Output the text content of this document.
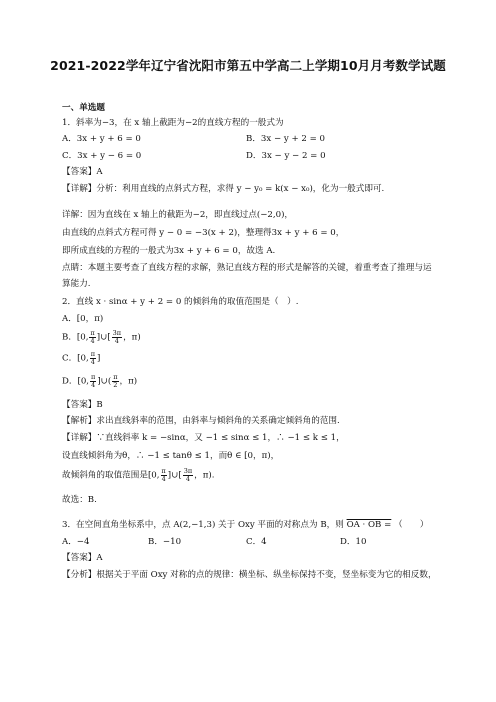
2021-2022学年辽宁省沈阳市第五中学高二上学期10月月考数学试题
一、单选题
1．斜率为−3，在 x 轴上截距为−2的直线方程的一般式为
A．3x + y + 6 = 0	B．3x − y + 2 = 0
C．3x + y − 6 = 0	D．3x − y − 2 = 0
【答案】A
【详解】分析：利用直线的点斜式方程，求得 y − y₀ = k(x − x₀)，化为一般式即可.
详解：因为直线在 x 轴上的截距为−2，即直线过点(−2,0)，
由直线的点斜式方程可得 y − 0 = −3(x + 2)，整理得3x + y + 6 = 0，
即所成直线的方程的一般式为3x + y + 6 = 0，故选 A.
点睛：本题主要考查了直线方程的求解，熟记直线方程的形式是解答的关键，着重考查了推理与运
算能力.
2．直线 x · sinα + y + 2 = 0 的倾斜角的取值范围是（　）.
A．[0，π)
B．[0, $\frac{\pi}{4}$ ]∪[ $\frac{3\pi}{4}$ ，π)
C．[0, $\frac{\pi}{4}$ ]
D．[0, $\frac{\pi}{4}$ ]∪( $\frac{\pi}{2}$ ，π)
【答案】B
【解析】求出直线斜率的范围，由斜率与倾斜角的关系确定倾斜角的范围.
【详解】∵直线斜率 k = −sinα，又 −1 ≤ sinα ≤ 1，∴ −1 ≤ k ≤ 1，
设直线倾斜角为θ，∴ −1 ≤ tanθ ≤ 1，而θ ∈ [0，π)，
故倾斜角的取值范围是[0, $\frac{\pi}{4}$ ]∪[ $\frac{3\pi}{4}$ ，π).
故选：B.
3．在空间直角坐标系中，点 A(2,−1,3) 关于 Oxy 平面的对称点为 B，则 OA · OB = （　　）
A．−4	B．−10	C．4	D．10
【答案】A
【分析】根据关于平面 Oxy 对称的点的规律：横坐标、纵坐标保持不变，竖坐标变为它的相反数，
